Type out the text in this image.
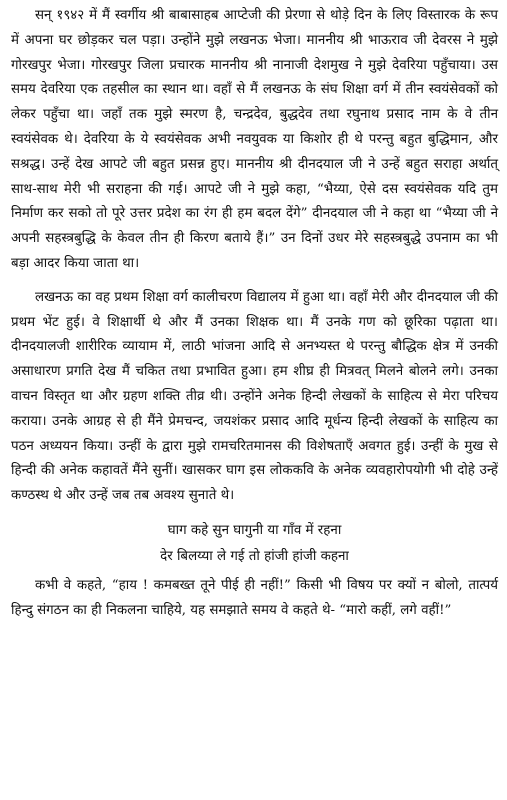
सन् १९४२ में मैं स्वर्गीय श्री बाबासाहब आप्टेजी की प्रेरणा से थोड़े दिन के लिए विस्तारक के रूप में अपना घर छोड़कर चल पड़ा। उन्होंने मुझे लखनऊ भेजा। माननीय श्री भाऊराव जी देवरस ने मुझे गोरखपुर भेजा। गोरखपुर जिला प्रचारक माननीय श्री नानाजी देशमुख ने मुझे देवरिया पहुँचाया। उस समय देवरिया एक तहसील का स्थान था। वहाँ से मैं लखनऊ के संघ शिक्षा वर्ग में तीन स्वयंसेवकों को लेकर पहुँचा था। जहाँ तक मुझे स्मरण है, चन्द्रदेव, बुद्धदेव तथा रघुनाथ प्रसाद नाम के वे तीन स्वयंसेवक थे। देवरिया के ये स्वयंसेवक अभी नवयुवक या किशोर ही थे परन्तु बहुत बुद्धिमान, और सश्रद्ध। उन्हें देख आपटे जी बहुत प्रसन्न हुए। माननीय श्री दीनदयाल जी ने उन्हें बहुत सराहा अर्थात् साथ-साथ मेरी भी सराहना की गई। आपटे जी ने मुझे कहा, “भैय्या, ऐसे दस स्वयंसेवक यदि तुम निर्माण कर सको तो पूरे उत्तर प्रदेश का रंग ही हम बदल देंगे” दीनदयाल जी ने कहा था “भैय्या जी ने अपनी सहस्त्रबुद्धि के केवल तीन ही किरण बताये हैं।” उन दिनों उधर मेरे सहस्त्रबुद्धे उपनाम का भी बड़ा आदर किया जाता था।

लखनऊ का वह प्रथम शिक्षा वर्ग कालीचरण विद्यालय में हुआ था। वहाँ मेरी और दीनदयाल जी की प्रथम भेंट हुई। वे शिक्षार्थी थे और मैं उनका शिक्षक था। मैं उनके गण को छूरिका पढ़ाता था। दीनदयालजी शारीरिक व्यायाम में, लाठी भांजना आदि से अनभ्यस्त थे परन्तु बौद्धिक क्षेत्र में उनकी असाधारण प्रगति देख मैं चकित तथा प्रभावित हुआ। हम शीघ्र ही मित्रवत् मिलने बोलने लगे। उनका वाचन विस्तृत था और ग्रहण शक्ति तीव्र थी। उन्होंने अनेक हिन्दी लेखकों के साहित्य से मेरा परिचय कराया। उनके आग्रह से ही मैंने प्रेमचन्द, जयशंकर प्रसाद आदि मूर्धन्य हिन्दी लेखकों के साहित्य का पठन अध्ययन किया। उन्हीं के द्वारा मुझे रामचरितमानस की विशेषताएँ अवगत हुई। उन्हीं के मुख से हिन्दी की अनेक कहावतें मैंने सुनीं। खासकर घाग इस लोककवि के अनेक व्यवहारोपयोगी भी दोहे उन्हें कण्ठस्थ थे और उन्हें जब तब अवश्य सुनाते थे।

घाग कहे सुन घागुनी या गाँव में रहना
देर बिलय्या ले गई तो हांजी हांजी कहना

कभी वे कहते, “हाय ! कमबख्त तूने पीई ही नहीं!” किसी भी विषय पर क्यों न बोलो, तात्पर्य हिन्दु संगठन का ही निकलना चाहिये, यह समझाते समय वे कहते थे- “मारो कहीं, लगे वहीं!”
